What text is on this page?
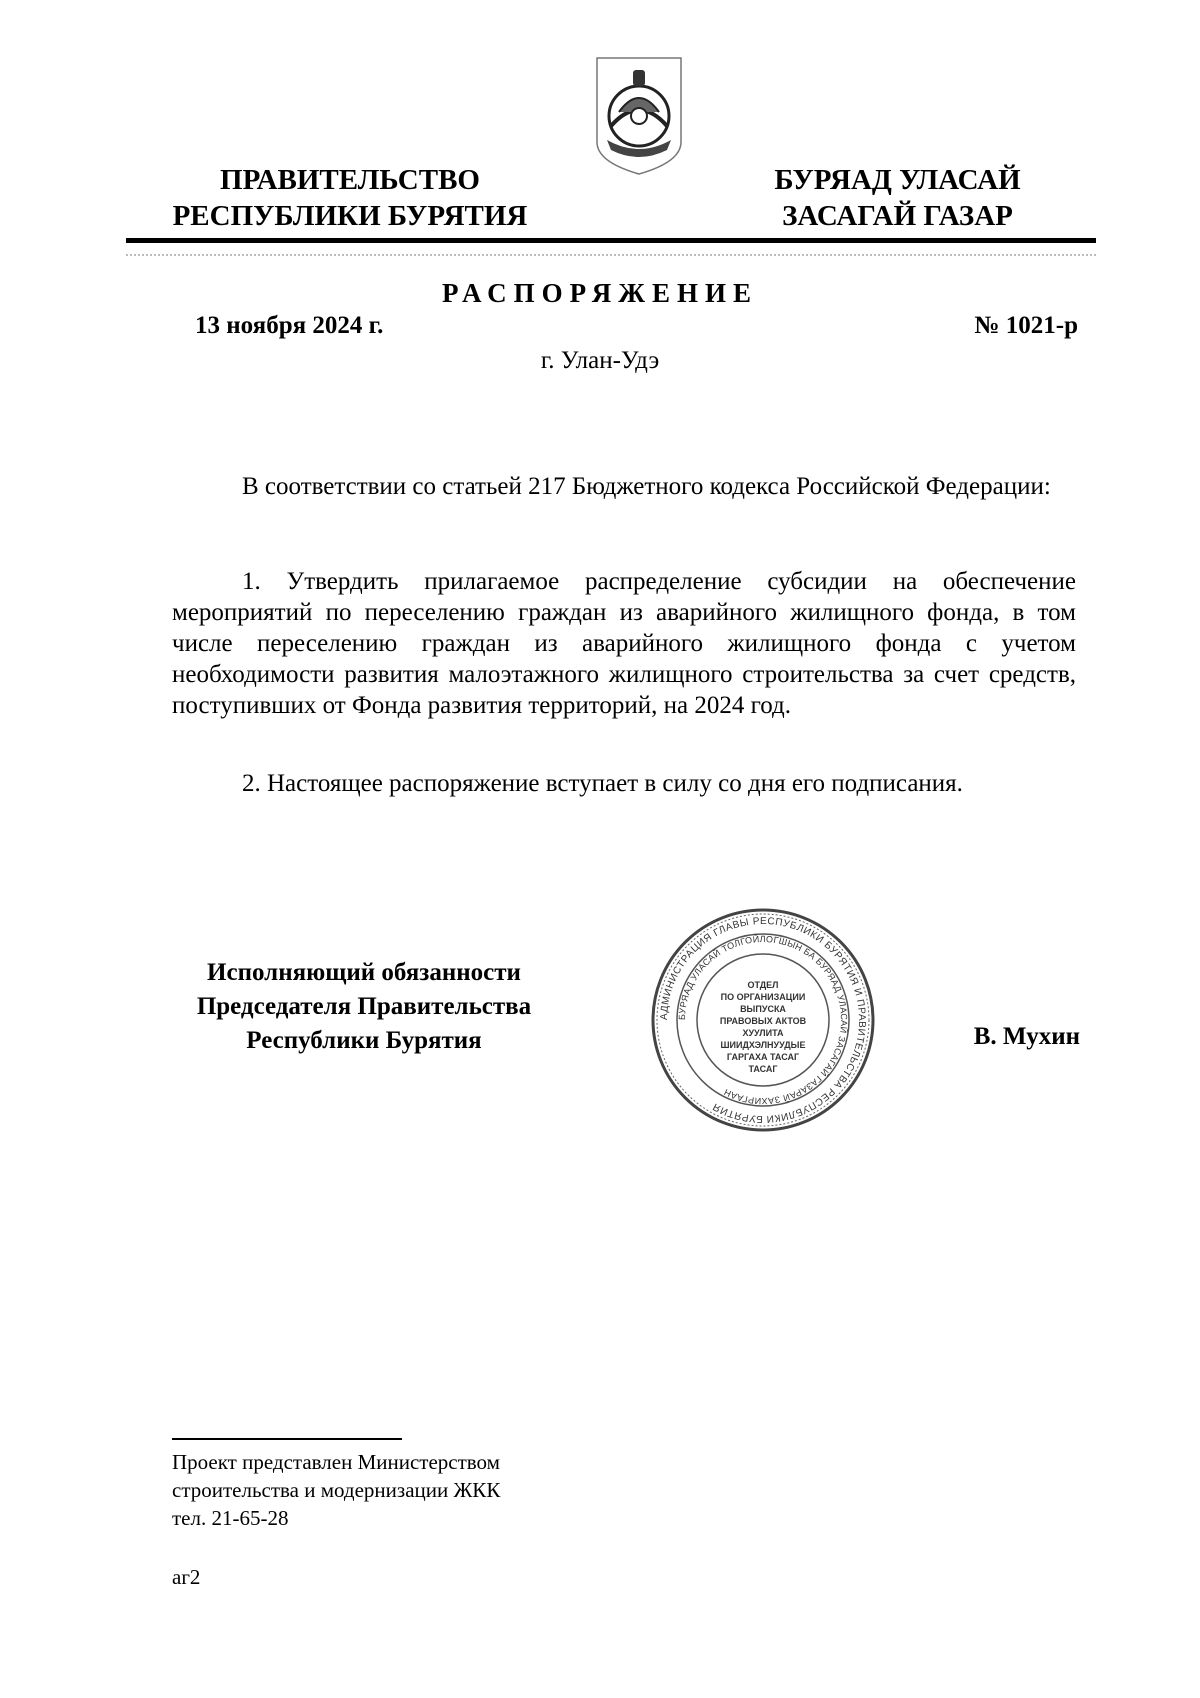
ПРАВИТЕЛЬСТВО
РЕСПУБЛИКИ БУРЯТИЯ
БУРЯАД УЛАСАЙ
ЗАСАГАЙ ГАЗАР
РАСПОРЯЖЕНИЕ
13 ноября 2024 г.	№ 1021-р
г. Улан-Удэ

В соответствии со статьей 217 Бюджетного кодекса Российской Федерации:

1. Утвердить прилагаемое распределение субсидии на обеспечение мероприятий по переселению граждан из аварийного жилищного фонда, в том числе переселению граждан из аварийного жилищного фонда с учетом необходимости развития малоэтажного жилищного строительства за счет средств, поступивших от Фонда развития территорий, на 2024 год.

2. Настоящее распоряжение вступает в силу со дня его подписания.

Исполняющий обязанности
Председателя Правительства
Республики Бурятия
АДМИНИСТРАЦИЯ ГЛАВЫ РЕСПУБЛИКИ БУРЯТИЯ И ПРАВИТЕЛЬСТВА РЕСПУБЛИКИ БУРЯТИЯ
БУРЯАД УЛАСАЙ ТОЛГОЙЛОГШЫН БА БУРЯАД УЛАСАЙ ЗАСАГАЙ ГАЗАРАЙ ЗАХИРГААН
ОТДЕЛ
ПО ОРГАНИЗАЦИИ
ВЫПУСКА
ПРАВОВЫХ АКТОВ
ХУУЛИТА
ШИИДХЭЛНУУДЫЕ
ГАРГАХА ТАСАГ
ТАСАГ
В. Мухин
Проект представлен Министерством
строительства и модернизации ЖКК
тел. 21-65-28
аг2
